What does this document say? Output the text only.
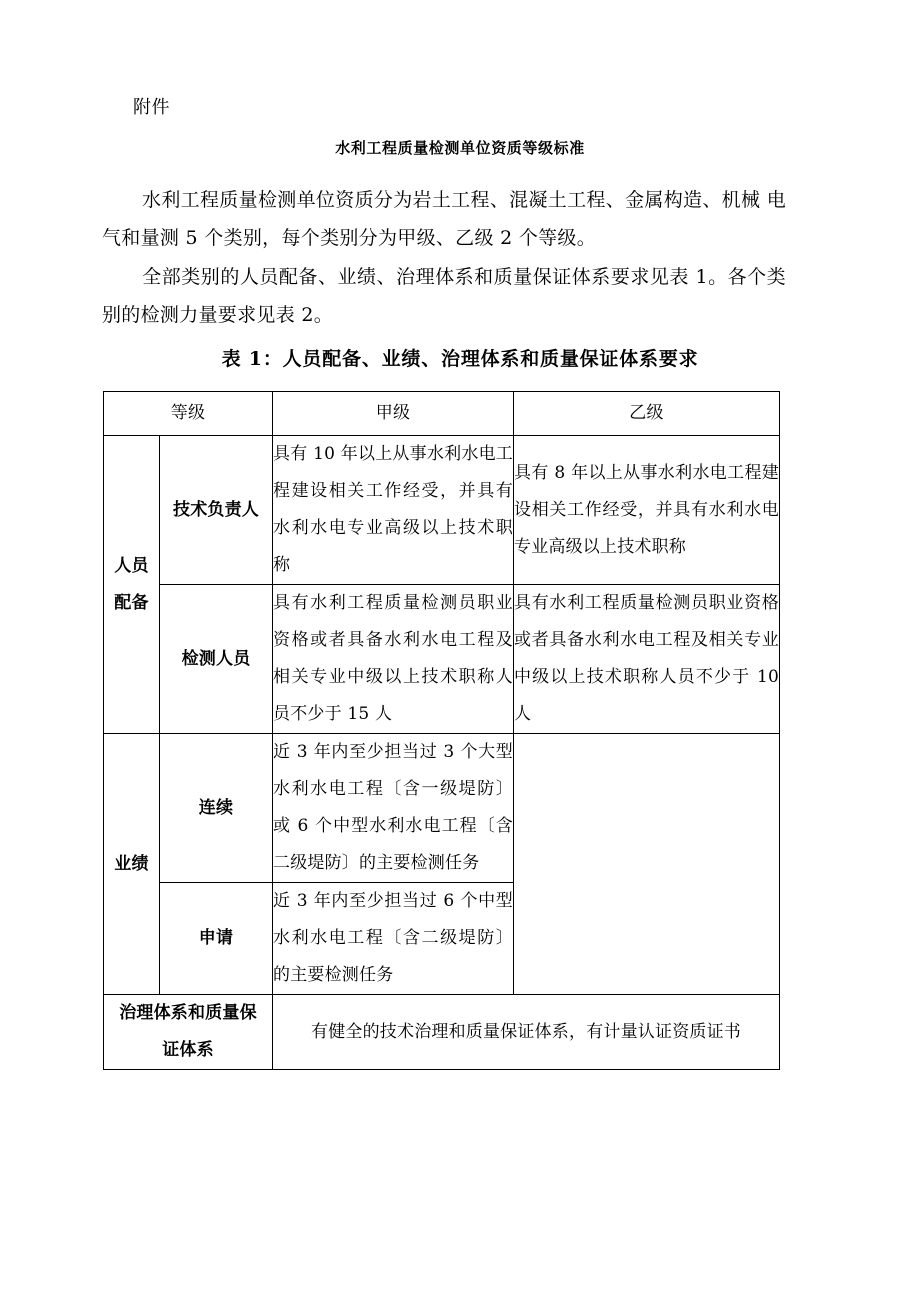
附件
水利工程质量检测单位资质等级标准
水利工程质量检测单位资质分为岩土工程、混凝土工程、金属构造、机械 电气和量测 5 个类别，每个类别分为甲级、乙级 2 个等级。
全部类别的人员配备、业绩、治理体系和质量保证体系要求见表 1。各个类别的检测力量要求见表 2。
表 1：人员配备、业绩、治理体系和质量保证体系要求
等级		甲级	乙级

人员
配备	技术负责人	具有 10 年以上从事水利水电工程建设相关工作经受，并具有水利水电专业高级以上技术职称	具有 8 年以上从事水利水电工程建设相关工作经受，并具有水利水电专业高级以上技术职称
	检测人员	具有水利工程质量检测员职业资格或者具备水利水电工程及相关专业中级以上技术职称人员不少于 15 人	具有水利工程质量检测员职业资格或者具备水利水电工程及相关专业中级以上技术职称人员不少于 10 人
业绩	连续	近 3 年内至少担当过 3 个大型水利水电工程〔含一级堤防〕或 6 个中型水利水电工程〔含二级堤防〕的主要检测任务	
	申请	近 3 年内至少担当过 6 个中型水利水电工程〔含二级堤防〕的主要检测任务	

治理体系和质量保
证体系		有健全的技术治理和质量保证体系，有计量认证资质证书	
